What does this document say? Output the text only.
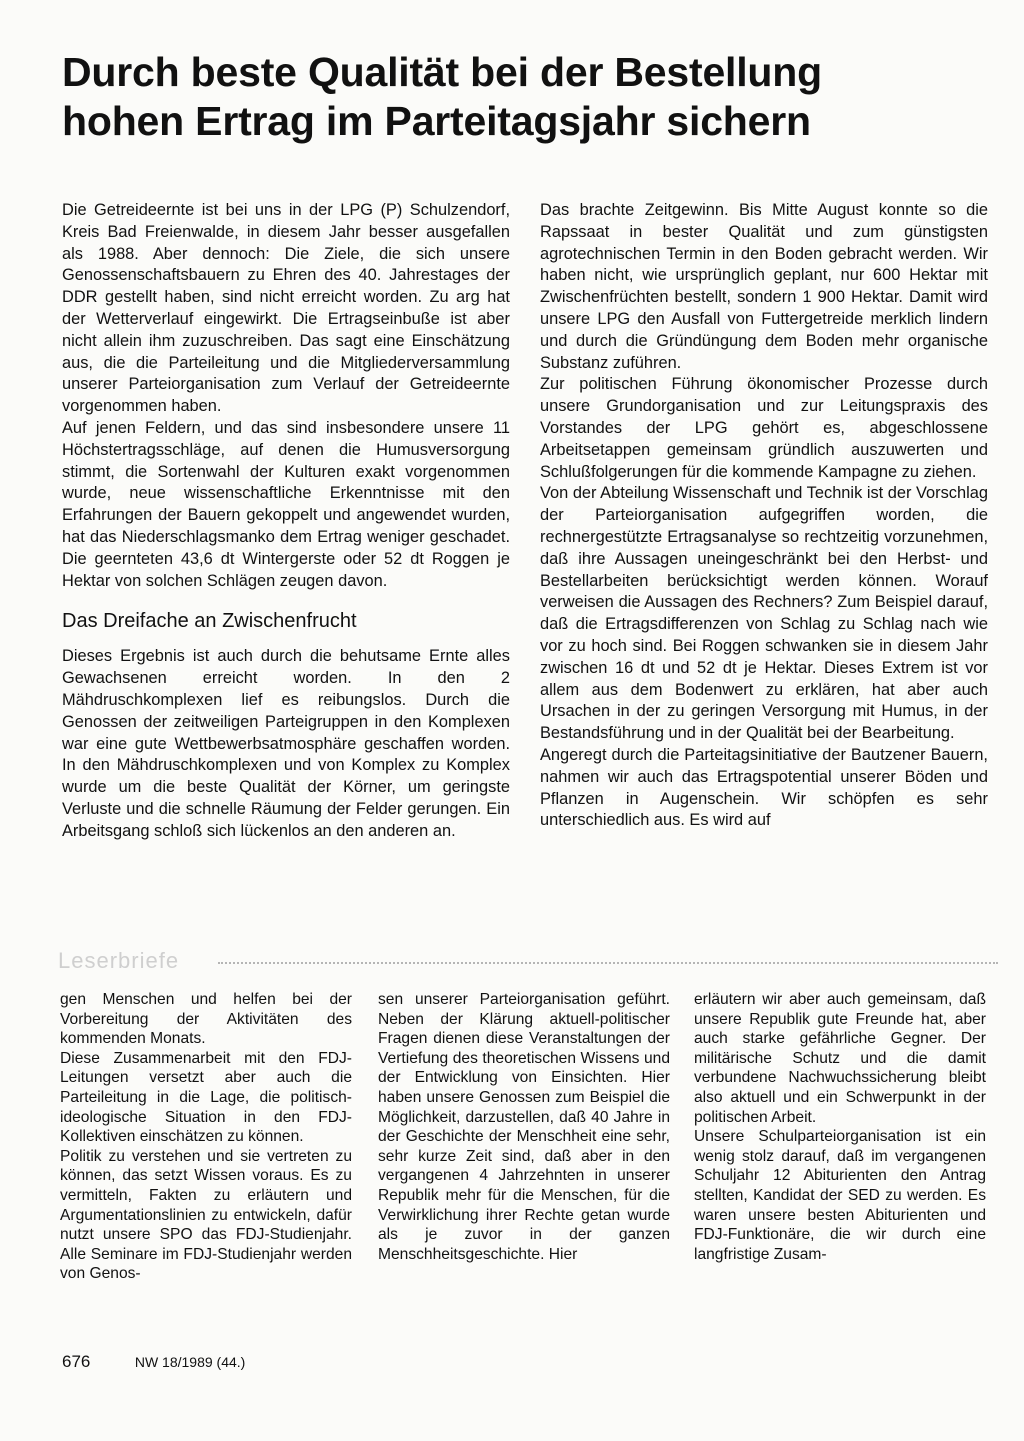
Durch beste Qualität bei der Bestellung
hohen Ertrag im Parteitagsjahr sichern

Die Getreideernte ist bei uns in der LPG (P) Schulzendorf, Kreis Bad Freienwalde, in diesem Jahr besser ausgefallen als 1988. Aber dennoch: Die Ziele, die sich unsere Genossenschaftsbauern zu Ehren des 40. Jahrestages der DDR gestellt haben, sind nicht erreicht worden. Zu arg hat der Wetterverlauf eingewirkt. Die Ertragseinbuße ist aber nicht allein ihm zuzuschreiben. Das sagt eine Einschätzung aus, die die Parteileitung und die Mitgliederversammlung unserer Parteiorganisation zum Verlauf der Getreideernte vorgenommen haben.

Auf jenen Feldern, und das sind insbesondere unsere 11 Höchstertragsschläge, auf denen die Humusversorgung stimmt, die Sortenwahl der Kulturen exakt vorgenommen wurde, neue wissenschaftliche Erkenntnisse mit den Erfahrungen der Bauern gekoppelt und angewendet wurden, hat das Niederschlagsmanko dem Ertrag weniger geschadet. Die geernteten 43,6 dt Wintergerste oder 52 dt Roggen je Hektar von solchen Schlägen zeugen davon.

Das Dreifache an Zwischenfrucht

Dieses Ergebnis ist auch durch die behutsame Ernte alles Gewachsenen erreicht worden. In den 2 Mähdruschkomplexen lief es reibungslos. Durch die Genossen der zeitweiligen Parteigruppen in den Komplexen war eine gute Wettbewerbsatmosphäre geschaffen worden. In den Mähdruschkomplexen und von Komplex zu Komplex wurde um die beste Qualität der Körner, um geringste Verluste und die schnelle Räumung der Felder gerungen. Ein Arbeitsgang schloß sich lückenlos an den anderen an.

Das brachte Zeitgewinn. Bis Mitte August konnte so die Rapssaat in bester Qualität und zum günstigsten agrotechnischen Termin in den Boden gebracht werden. Wir haben nicht, wie ursprünglich geplant, nur 600 Hektar mit Zwischenfrüchten bestellt, sondern 1 900 Hektar. Damit wird unsere LPG den Ausfall von Futtergetreide merklich lindern und durch die Gründüngung dem Boden mehr organische Substanz zuführen.

Zur politischen Führung ökonomischer Prozesse durch unsere Grundorganisation und zur Leitungspraxis des Vorstandes der LPG gehört es, abgeschlossene Arbeitsetappen gemeinsam gründlich auszuwerten und Schlußfolgerungen für die kommende Kampagne zu ziehen.

Von der Abteilung Wissenschaft und Technik ist der Vorschlag der Parteiorganisation aufgegriffen worden, die rechnergestützte Ertragsanalyse so rechtzeitig vorzunehmen, daß ihre Aussagen uneingeschränkt bei den Herbst- und Bestellarbeiten berücksichtigt werden können. Worauf verweisen die Aussagen des Rechners? Zum Beispiel darauf, daß die Ertragsdifferenzen von Schlag zu Schlag nach wie vor zu hoch sind. Bei Roggen schwanken sie in diesem Jahr zwischen 16 dt und 52 dt je Hektar. Dieses Extrem ist vor allem aus dem Bodenwert zu erklären, hat aber auch Ursachen in der zu geringen Versorgung mit Humus, in der Bestandsführung und in der Qualität bei der Bearbeitung.

Angeregt durch die Parteitagsinitiative der Bautzener Bauern, nahmen wir auch das Ertragspotential unserer Böden und Pflanzen in Augenschein. Wir schöpfen es sehr unterschiedlich aus. Es wird auf

Leserbriefe

gen Menschen und helfen bei der Vorbereitung der Aktivitäten des kommenden Monats.

Diese Zusammenarbeit mit den FDJ-Leitungen versetzt aber auch die Parteileitung in die Lage, die politisch-ideologische Situation in den FDJ-Kollektiven einschätzen zu können.

Politik zu verstehen und sie vertreten zu können, das setzt Wissen voraus. Es zu vermitteln, Fakten zu erläutern und Argumentationslinien zu entwickeln, dafür nutzt unsere SPO das FDJ-Studienjahr. Alle Seminare im FDJ-Studienjahr werden von Genos-

sen unserer Parteiorganisation geführt. Neben der Klärung aktuell-politischer Fragen dienen diese Veranstaltungen der Vertiefung des theoretischen Wissens und der Entwicklung von Einsichten. Hier haben unsere Genossen zum Beispiel die Möglichkeit, darzustellen, daß 40 Jahre in der Geschichte der Menschheit eine sehr, sehr kurze Zeit sind, daß aber in den vergangenen 4 Jahrzehnten in unserer Republik mehr für die Menschen, für die Verwirklichung ihrer Rechte getan wurde als je zuvor in der ganzen Menschheitsgeschichte. Hier

erläutern wir aber auch gemeinsam, daß unsere Republik gute Freunde hat, aber auch starke gefährliche Gegner. Der militärische Schutz und die damit verbundene Nachwuchssicherung bleibt also aktuell und ein Schwerpunkt in der politischen Arbeit.

Unsere Schulparteiorganisation ist ein wenig stolz darauf, daß im vergangenen Schuljahr 12 Abiturienten den Antrag stellten, Kandidat der SED zu werden. Es waren unsere besten Abiturienten und FDJ-Funktionäre, die wir durch eine langfristige Zusam-

676	NW 18/1989 (44.)
